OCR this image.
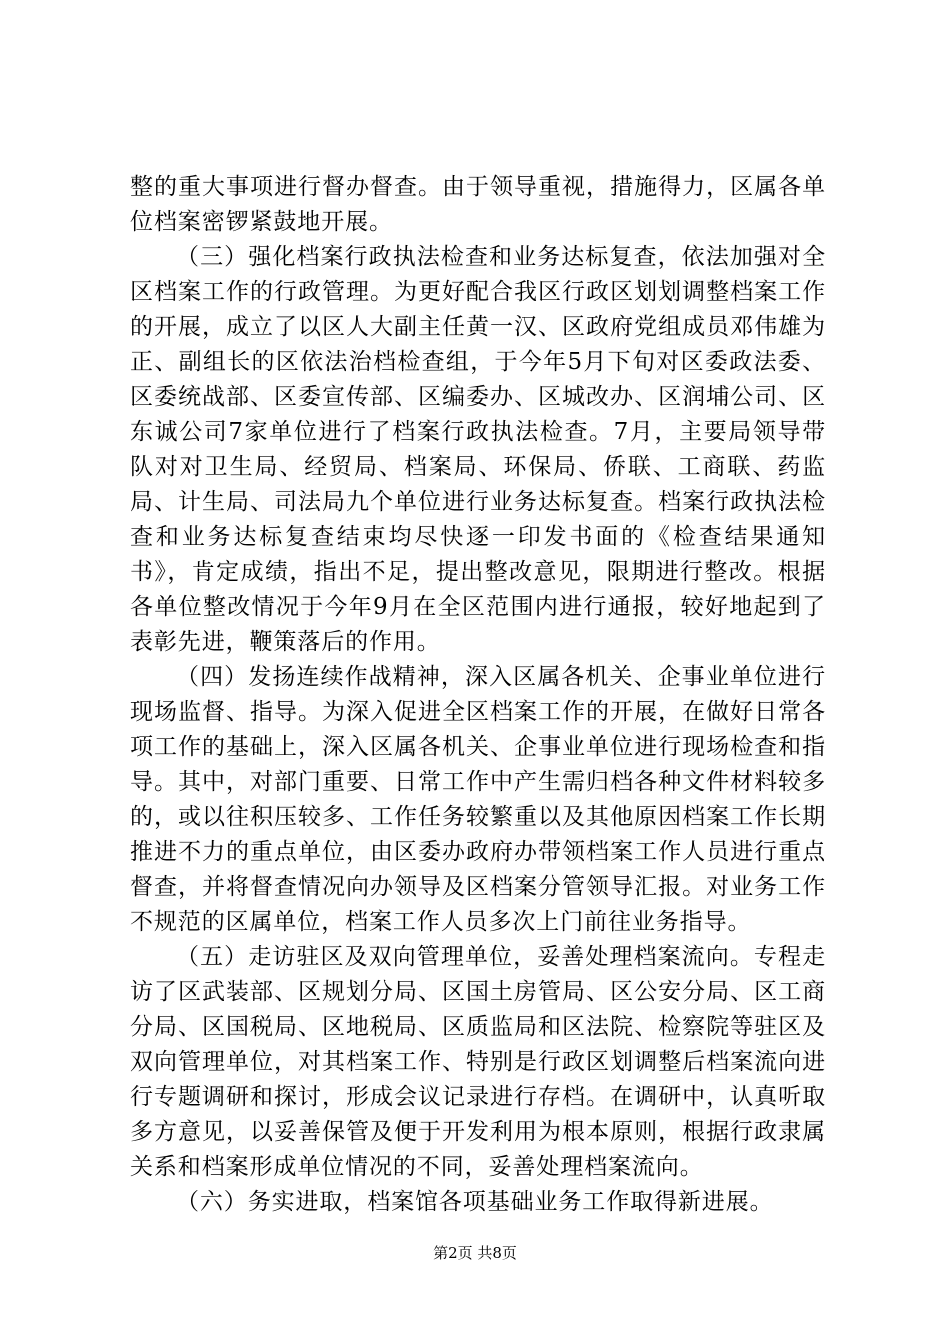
整的重大事项进行督办督查。由于领导重视，措施得力，区属各单位档案密锣紧鼓地开展。

（三）强化档案行政执法检查和业务达标复查，依法加强对全区档案工作的行政管理。为更好配合我区行政区划划调整档案工作的开展，成立了以区人大副主任黄一汉、区政府党组成员邓伟雄为正、副组长的区依法治档检查组，于今年5月下旬对区委政法委、区委统战部、区委宣传部、区编委办、区城改办、区润埔公司、区东诚公司7家单位进行了档案行政执法检查。7月，主要局领导带队对对卫生局、经贸局、档案局、环保局、侨联、工商联、药监局、计生局、司法局九个单位进行业务达标复查。档案行政执法检查和业务达标复查结束均尽快逐一印发书面的《检查结果通知书》，肯定成绩，指出不足，提出整改意见，限期进行整改。根据各单位整改情况于今年9月在全区范围内进行通报，较好地起到了表彰先进，鞭策落后的作用。

（四）发扬连续作战精神，深入区属各机关、企事业单位进行现场监督、指导。为深入促进全区档案工作的开展，在做好日常各项工作的基础上，深入区属各机关、企事业单位进行现场检查和指导。其中，对部门重要、日常工作中产生需归档各种文件材料较多的，或以往积压较多、工作任务较繁重以及其他原因档案工作长期推进不力的重点单位，由区委办政府办带领档案工作人员进行重点督查，并将督查情况向办领导及区档案分管领导汇报。对业务工作不规范的区属单位，档案工作人员多次上门前往业务指导。

（五）走访驻区及双向管理单位，妥善处理档案流向。专程走访了区武装部、区规划分局、区国土房管局、区公安分局、区工商分局、区国税局、区地税局、区质监局和区法院、检察院等驻区及双向管理单位，对其档案工作、特别是行政区划调整后档案流向进行专题调研和探讨，形成会议记录进行存档。在调研中，认真听取多方意见，以妥善保管及便于开发利用为根本原则，根据行政隶属关系和档案形成单位情况的不同，妥善处理档案流向。

（六）务实进取，档案馆各项基础业务工作取得新进展。

第2页 共8页
